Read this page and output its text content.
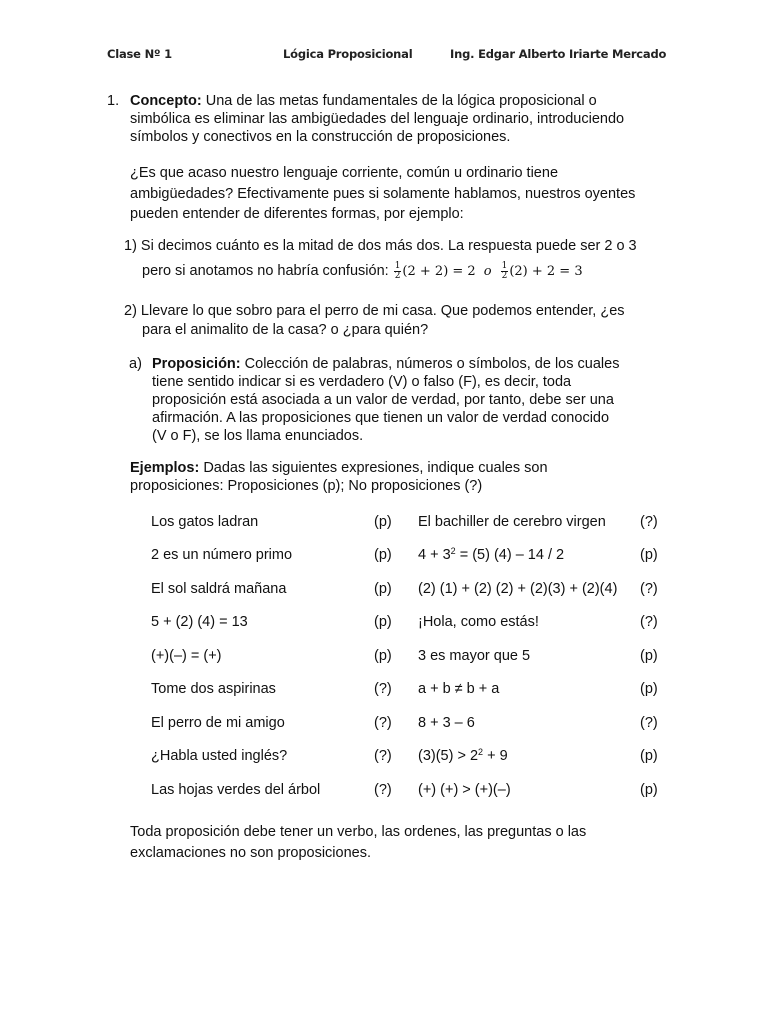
Clase Nº 1	Lógica Proposicional	Ing. Edgar Alberto Iriarte Mercado
1. Concepto: Una de las metas fundamentales de la lógica proposicional o
simbólica es eliminar las ambigüedades del lenguaje ordinario, introduciendo
símbolos y conectivos en la construcción de proposiciones.
¿Es que acaso nuestro lenguaje corriente, común u ordinario tiene
ambigüedades? Efectivamente pues si solamente hablamos, nuestros oyentes
pueden entender de diferentes formas, por ejemplo:
1) Si decimos cuánto es la mitad de dos más dos. La respuesta puede ser 2 o 3
pero si anotamos no habría confusión: $\frac{1}{2} (2 + 2) = 2$ o $\frac{1}{2} (2) + 2 = 3$
2) Llevare lo que sobro para el perro de mi casa. Que podemos entender, ¿es
para el animalito de la casa? o ¿para quién?
a) Proposición: Colección de palabras, números o símbolos, de los cuales
tiene sentido indicar si es verdadero (V) o falso (F), es decir, toda
proposición está asociada a un valor de verdad, por tanto, debe ser una
afirmación. A las proposiciones que tienen un valor de verdad conocido
(V o F), se los llama enunciados.
Ejemplos: Dadas las siguientes expresiones, indique cuales son
proposiciones: Proposiciones (p); No proposiciones (?)
Los gatos ladran	(p)	El bachiller de cerebro virgen	(?)
2 es un número primo	(p)	$4 + 3^2 = (5)$ (4) – 14 / 2	(p)
El sol saldrá mañana	(p)	(2) (1) + (2) (2) + (2)(3) + (2)(4)	(?)
5 + (2) (4) = 13	(p)	¡Hola, como estás!	(?)
(+)(–) = (+)	(p)	3 es mayor que 5	(p)
Tome dos aspirinas	(?)	a + b ≠ b + a	(p)
El perro de mi amigo	(?)	8 + 3 – 6	(?)
¿Habla usted inglés?	(?)	$(3)(5) > 2^2 + 9$	(p)
Las hojas verdes del árbol	(?)	(+) (+) > (+)(–)	(p)
Toda proposición debe tener un verbo, las ordenes, las preguntas o las
exclamaciones no son proposiciones.
